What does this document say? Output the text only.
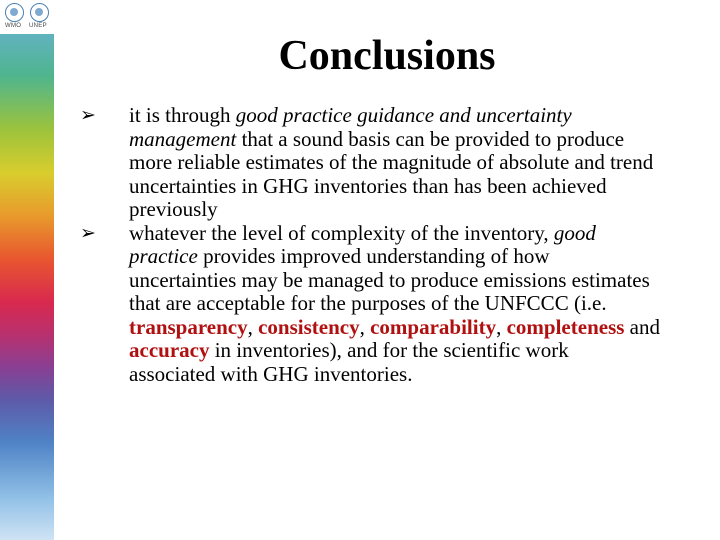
WMO UNEP
Conclusions
➢ it is through good practice guidance and uncertainty management that a sound basis can be provided to produce more reliable estimates of the magnitude of absolute and trend uncertainties in GHG inventories than has been achieved previously
➢ whatever the level of complexity of the inventory, good practice provides improved understanding of how uncertainties may be managed to produce emissions estimates that are acceptable for the purposes of the UNFCCC (i.e. transparency, consistency, comparability, completeness and accuracy in inventories), and for the scientific work associated with GHG inventories.
